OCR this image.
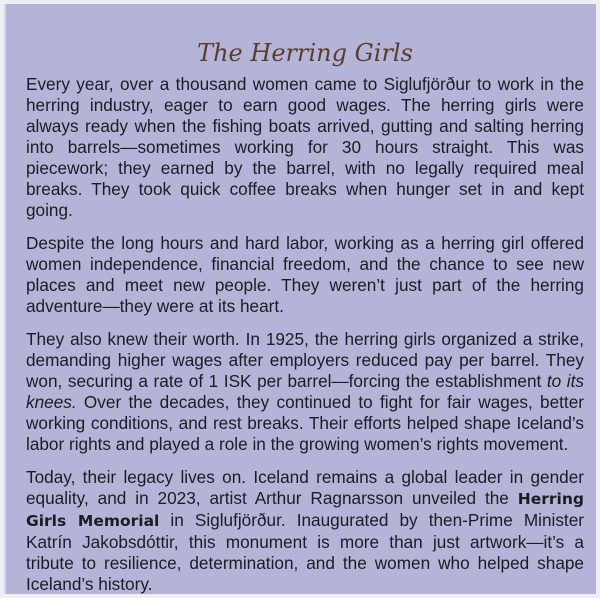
The Herring Girls

Every year, over a thousand women came to Siglufjörður to work in the herring industry, eager to earn good wages. The herring girls were always ready when the fishing boats arrived, gutting and salting herring into barrels—sometimes working for 30 hours straight. This was piecework; they earned by the barrel, with no legally required meal breaks. They took quick coffee breaks when hunger set in and kept going.

Despite the long hours and hard labor, working as a herring girl offered women independence, financial freedom, and the chance to see new places and meet new people. They weren’t just part of the herring adventure—they were at its heart.

They also knew their worth. In 1925, the herring girls organized a strike, demanding higher wages after employers reduced pay per barrel. They won, securing a rate of 1 ISK per barrel—forcing the establishment to its knees. Over the decades, they continued to fight for fair wages, better working conditions, and rest breaks. Their efforts helped shape Iceland’s labor rights and played a role in the growing women’s rights movement.

Today, their legacy lives on. Iceland remains a global leader in gender equality, and in 2023, artist Arthur Ragnarsson unveiled the Herring Girls Memorial in Siglufjörður. Inaugurated by then-Prime Minister Katrín Jakobsdóttir, this monument is more than just artwork—it’s a tribute to resilience, determination, and the women who helped shape Iceland’s history.
